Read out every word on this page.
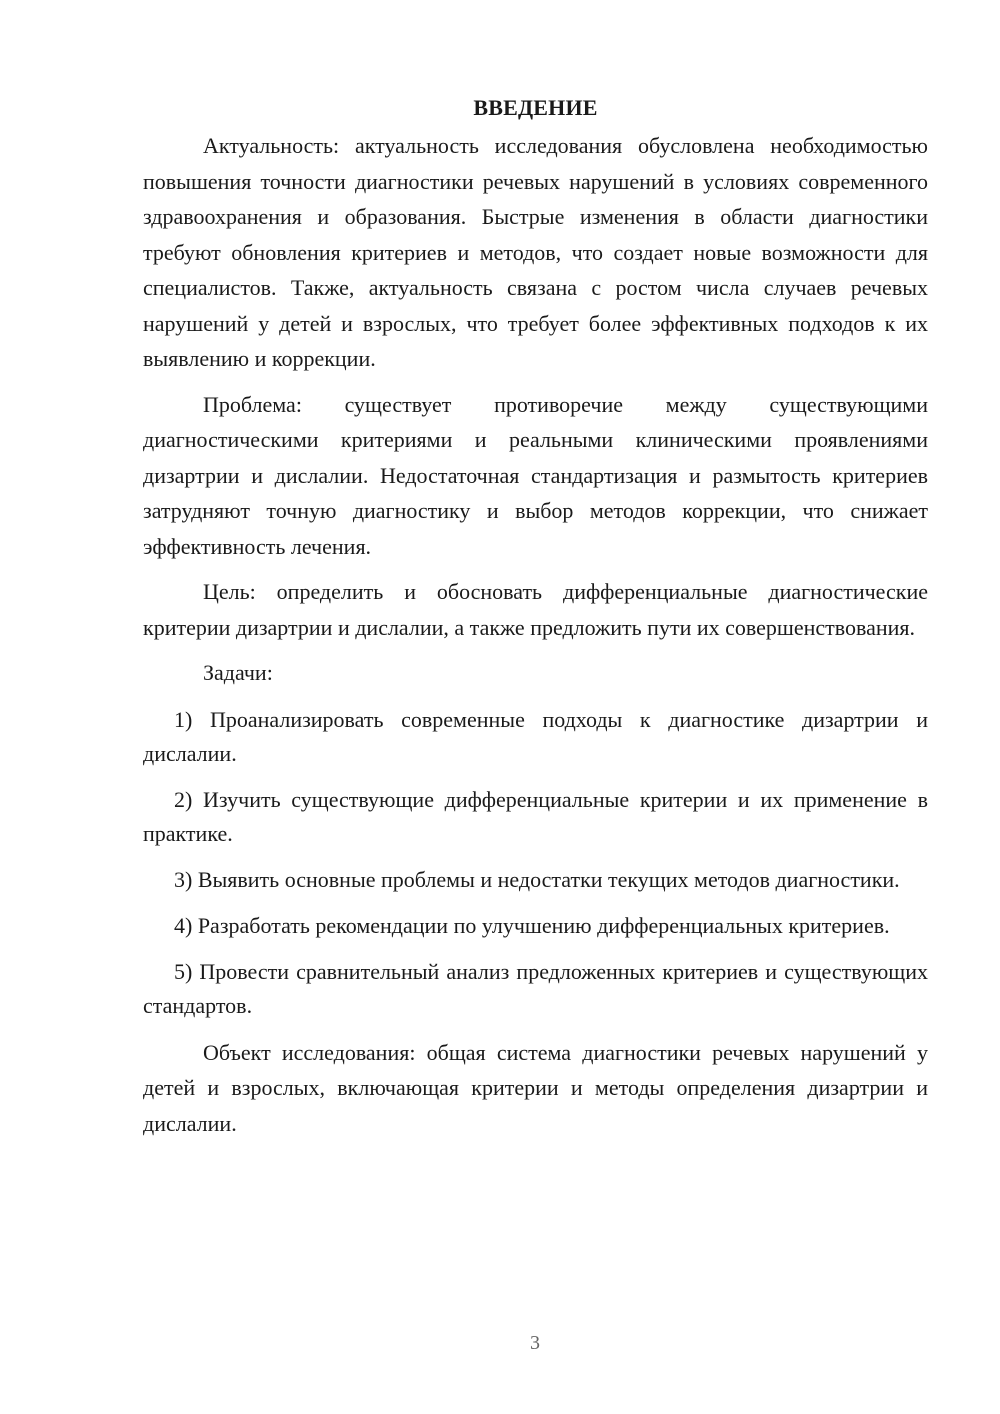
ВВЕДЕНИЕ

Актуальность: актуальность исследования обусловлена необходимостью повышения точности диагностики речевых нарушений в условиях современного здравоохранения и образования. Быстрые изменения в области диагностики требуют обновления критериев и методов, что создает новые возможности для специалистов. Также, актуальность связана с ростом числа случаев речевых нарушений у детей и взрослых, что требует более эффективных подходов к их выявлению и коррекции.

Проблема: существует противоречие между существующими диагностическими критериями и реальными клиническими проявлениями дизартрии и дислалии. Недостаточная стандартизация и размытость критериев затрудняют точную диагностику и выбор методов коррекции, что снижает эффективность лечения.

Цель: определить и обосновать дифференциальные диагностические критерии дизартрии и дислалии, а также предложить пути их совершенствования.

Задачи:

1) Проанализировать современные подходы к диагностике дизартрии и дислалии.

2) Изучить существующие дифференциальные критерии и их применение в практике.

3) Выявить основные проблемы и недостатки текущих методов диагностики.

4) Разработать рекомендации по улучшению дифференциальных критериев.

5) Провести сравнительный анализ предложенных критериев и существующих стандартов.

Объект исследования: общая система диагностики речевых нарушений у детей и взрослых, включающая критерии и методы определения дизартрии и дислалии.

3
